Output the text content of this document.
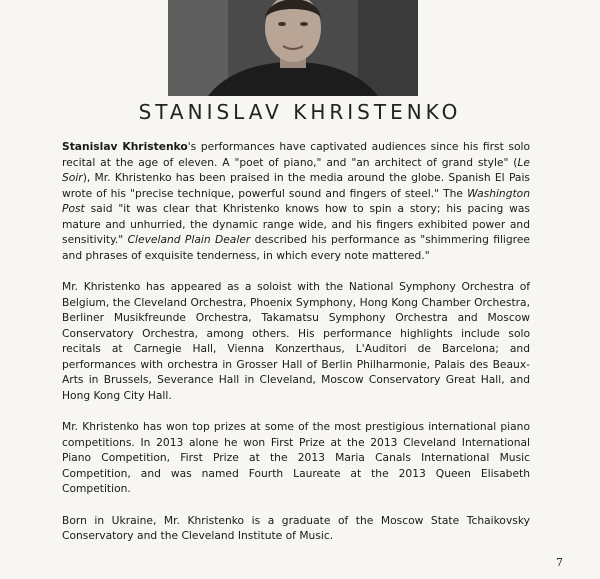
STANISLAV KHRISTENKO

Stanislav Khristenko's performances have captivated audiences since his first solo recital at the age of eleven. A "poet of piano," and "an architect of grand style" (Le Soir), Mr. Khristenko has been praised in the media around the globe. Spanish El Pais wrote of his "precise technique, powerful sound and fingers of steel." The Washington Post said "it was clear that Khristenko knows how to spin a story; his pacing was mature and unhurried, the dynamic range wide, and his fingers exhibited power and sensitivity." Cleveland Plain Dealer described his performance as "shimmering filigree and phrases of exquisite tenderness, in which every note mattered."

Mr. Khristenko has appeared as a soloist with the National Symphony Orchestra of Belgium, the Cleveland Orchestra, Phoenix Symphony, Hong Kong Chamber Orchestra, Berliner Musikfreunde Orchestra, Takamatsu Symphony Orchestra and Moscow Conservatory Orchestra, among others. His performance highlights include solo recitals at Carnegie Hall, Vienna Konzerthaus, L'Auditori de Barcelona; and performances with orchestra in Grosser Hall of Berlin Philharmonie, Palais des Beaux-Arts in Brussels, Severance Hall in Cleveland, Moscow Conservatory Great Hall, and Hong Kong City Hall.

Mr. Khristenko has won top prizes at some of the most prestigious international piano competitions. In 2013 alone he won First Prize at the 2013 Cleveland International Piano Competition, First Prize at the 2013 Maria Canals International Music Competition, and was named Fourth Laureate at the 2013 Queen Elisabeth Competition.

Born in Ukraine, Mr. Khristenko is a graduate of the Moscow State Tchaikovsky Conservatory and the Cleveland Institute of Music.

7
